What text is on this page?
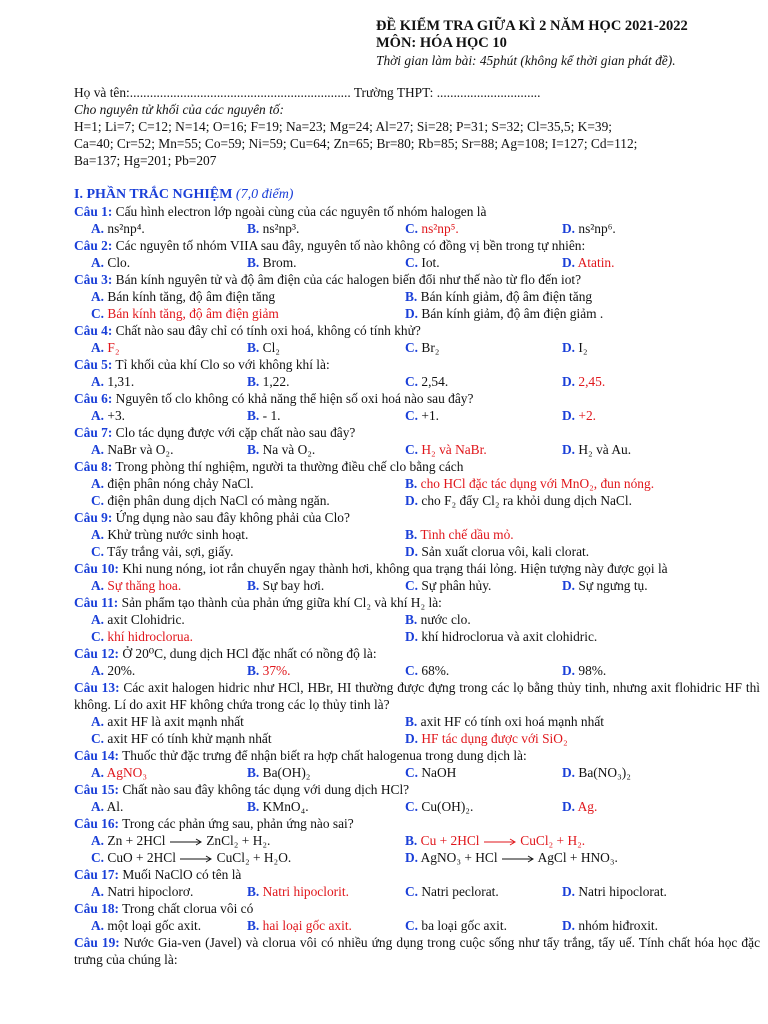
ĐỀ KIỂM TRA GIỮA KÌ 2 NĂM HỌC 2021-2022
MÔN: HÓA HỌC 10
Thời gian làm bài: 45phút (không kể thời gian phát đề).
Họ và tên:.................................................................. Trường THPT: ...............................
Cho nguyên tử khối của các nguyên tố:
H=1; Li=7; C=12; N=14; O=16; F=19; Na=23; Mg=24; Al=27; Si=28; P=31; S=32; Cl=35,5; K=39;
Ca=40; Cr=52; Mn=55; Co=59; Ni=59; Cu=64; Zn=65; Br=80; Rb=85; Sr=88; Ag=108; I=127; Cd=112;
Ba=137; Hg=201; Pb=207
I. PHẦN TRẮC NGHIỆM (7,0 điểm)
Câu 1: Cấu hình electron lớp ngoài cùng của các nguyên tố nhóm halogen là
A. ns²np⁴.	B. ns²np³.	C. ns²np⁵.	D. ns²np⁶.
Câu 2: Các nguyên tố nhóm VIIA sau đây, nguyên tố nào không có đồng vị bền trong tự nhiên:
A. Clo.	B. Brom.	C. Iot.	D. Atatin.
Câu 3: Bán kính nguyên tử và độ âm điện của các halogen biến đổi như thế nào từ flo đến iot?
A. Bán kính tăng, độ âm điện tăng	B. Bán kính giảm, độ âm điện tăng
C. Bán kính tăng, độ âm điện giảm	D. Bán kính giảm, độ âm điện giảm .
Câu 4: Chất nào sau đây chỉ có tính oxi hoá, không có tính khử?
A. F₂	B. Cl₂	C. Br₂	D. I₂
Câu 5: Tỉ khối của khí Clo so với không khí là:
A. 1,31.	B. 1,22.	C. 2,54.	D. 2,45.
Câu 6: Nguyên tố clo không có khả năng thể hiện số oxi hoá nào sau đây?
A. +3.	B. - 1.	C. +1.	D. +2.
Câu 7: Clo tác dụng được với cặp chất nào sau đây?
A. NaBr và O₂.	B. Na và O₂.	C. H₂ và NaBr.	D. H₂ và Au.
Câu 8: Trong phòng thí nghiệm, người ta thường điều chế clo bằng cách
A. điện phân nóng chảy NaCl.	B. cho HCl đặc tác dụng với MnO₂, đun nóng.
C. điện phân dung dịch NaCl có màng ngăn.	D. cho F₂ đẩy Cl₂ ra khỏi dung dịch NaCl.
Câu 9: Ứng dụng nào sau đây không phải của Clo?
A. Khử trùng nước sinh hoạt.	B. Tinh chế dầu mỏ.
C. Tẩy trắng vải, sợi, giấy.	D. Sản xuất clorua vôi, kali clorat.
Câu 10: Khi nung nóng, iot rắn chuyển ngay thành hơi, không qua trạng thái lỏng. Hiện tượng này được gọi là
A. Sự thăng hoa.	B. Sự bay hơi.	C. Sự phân hủy.	D. Sự ngưng tụ.
Câu 11: Sản phẩm tạo thành của phản ứng giữa khí Cl₂ và khí H₂ là:
A. axit Clohidric.	B. nước clo.
C. khí hidroclorua.	D. khí hidroclorua và axit clohidric.
Câu 12: Ở 20⁰C, dung dịch HCl đặc nhất có nồng độ là:
A. 20%.	B. 37%.	C. 68%.	D. 98%.
Câu 13: Các axit halogen hidric như HCl, HBr, HI thường được đựng trong các lọ bằng thủy tinh, nhưng axit flohidric HF thì không. Lí do axit HF không chứa trong các lọ thủy tinh là?
A. axit HF là axit mạnh nhất	B. axit HF có tính oxi hoá mạnh nhất
C. axit HF có tính khử mạnh nhất	D. HF tác dụng được với SiO₂
Câu 14: Thuốc thử đặc trưng để nhận biết ra hợp chất halogenua trong dung dịch là:
A. AgNO₃	B. Ba(OH)₂	C. NaOH	D. Ba(NO₃)₂
Câu 15: Chất nào sau đây không tác dụng với dung dịch HCl?
A. Al.	B. KMnO₄.	C. Cu(OH)₂.	D. Ag.
Câu 16: Trong các phản ứng sau, phản ứng nào sai?
A. Zn + 2HCl → ZnCl₂ + H₂.	B. Cu + 2HCl → CuCl₂ + H₂.
C. CuO + 2HCl → CuCl₂ + H₂O.	D. AgNO₃ + HCl → AgCl + HNO₃.
Câu 17: Muối NaClO có tên là
A. Natri hipoclorơ.	B. Natri hipoclorit.	C. Natri peclorat.	D. Natri hipoclorat.
Câu 18: Trong chất clorua vôi có
A. một loại gốc axit.	B. hai loại gốc axit.	C. ba loại gốc axit.	D. nhóm hiđroxit.
Câu 19: Nước Gia-ven (Javel) và clorua vôi có nhiều ứng dụng trong cuộc sống như tẩy trắng, tẩy uế. Tính chất hóa học đặc trưng của chúng là:
